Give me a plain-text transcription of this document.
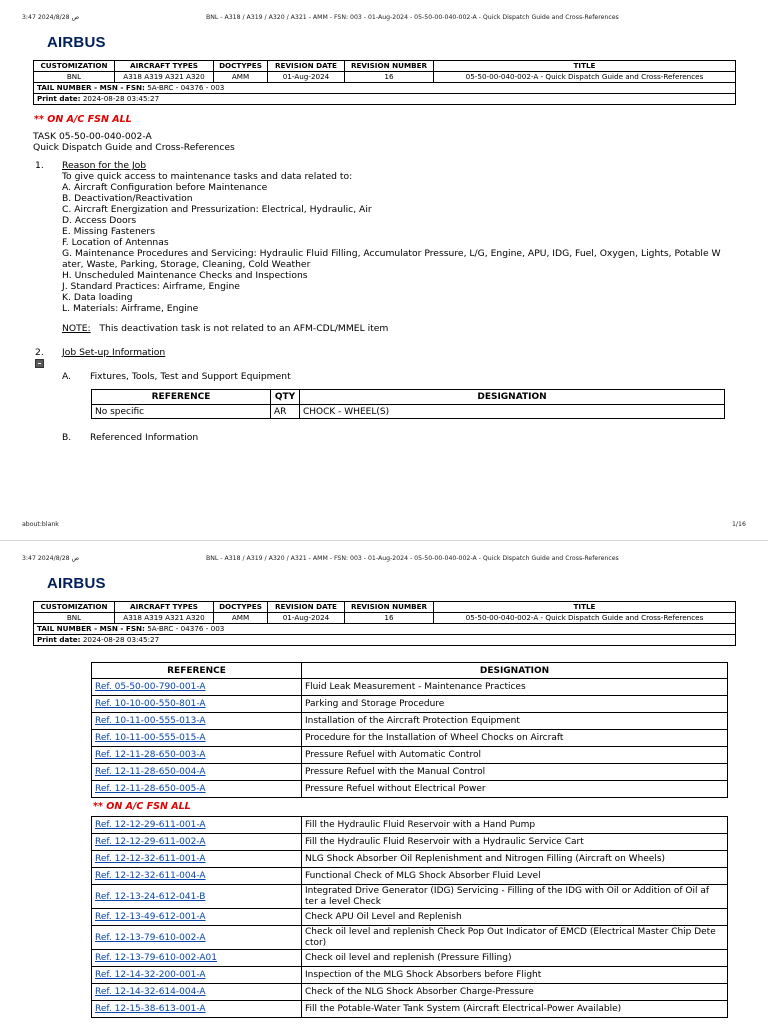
3:47 ص 2024/8/28	BNL - A318 / A319 / A320 / A321 - AMM - FSN: 003 - 01-Aug-2024 - 05-50-00-040-002-A - Quick Dispatch Guide and Cross-References
AIRBUS
CUSTOMIZATION	AIRCRAFT TYPES	DOCTYPES	REVISION DATE	REVISION NUMBER	TITLE
BNL	A318 A319 A321 A320	AMM	01-Aug-2024	16	05-50-00-040-002-A - Quick Dispatch Guide and Cross-References
TAIL NUMBER - MSN - FSN: 5A-BRC - 04376 - 003					
Print date: 2024-08-28 03:45:27					
** ON A/C FSN ALL
TASK 05-50-00-040-002-A
Quick Dispatch Guide and Cross-References
1. Reason for the Job
To give quick access to maintenance tasks and data related to:
A. Aircraft Configuration before Maintenance
B. Deactivation/Reactivation
C. Aircraft Energization and Pressurization: Electrical, Hydraulic, Air
D. Access Doors
E. Missing Fasteners
F. Location of Antennas
G. Maintenance Procedures and Servicing: Hydraulic Fluid Filling, Accumulator Pressure, L/G, Engine, APU, IDG, Fuel, Oxygen, Lights, Potable W
ater, Waste, Parking, Storage, Cleaning, Cold Weather
H. Unscheduled Maintenance Checks and Inspections
J. Standard Practices: Airframe, Engine
K. Data loading
L. Materials: Airframe, Engine
NOTE: This deactivation task is not related to an AFM-CDL/MMEL item
2. Job Set-up Information
A. Fixtures, Tools, Test and Support Equipment
REFERENCE	QTY	DESIGNATION
No specific	AR	CHOCK - WHEEL(S)
B. Referenced Information
about:blank	1/16
3:47 ص 2024/8/28	BNL - A318 / A319 / A320 / A321 - AMM - FSN: 003 - 01-Aug-2024 - 05-50-00-040-002-A - Quick Dispatch Guide and Cross-References
AIRBUS
CUSTOMIZATION	AIRCRAFT TYPES	DOCTYPES	REVISION DATE	REVISION NUMBER	TITLE
BNL	A318 A319 A321 A320	AMM	01-Aug-2024	16	05-50-00-040-002-A - Quick Dispatch Guide and Cross-References
TAIL NUMBER - MSN - FSN: 5A-BRC - 04376 - 003					
Print date: 2024-08-28 03:45:27					
REFERENCE	DESIGNATION
Ref. 05-50-00-790-001-A	Fluid Leak Measurement - Maintenance Practices

Ref. 10-10-00-550-801-A	Parking and Storage Procedure

Ref. 10-11-00-555-013-A	Installation of the Aircraft Protection Equipment

Ref. 10-11-00-555-015-A	Procedure for the Installation of Wheel Chocks on Aircraft

Ref. 12-11-28-650-003-A	Pressure Refuel with Automatic Control

Ref. 12-11-28-650-004-A	Pressure Refuel with the Manual Control

Ref. 12-11-28-650-005-A	Pressure Refuel without Electrical Power
** ON A/C FSN ALL
Ref. 12-12-29-611-001-A	Fill the Hydraulic Fluid Reservoir with a Hand Pump

Ref. 12-12-29-611-002-A	Fill the Hydraulic Fluid Reservoir with a Hydraulic Service Cart

Ref. 12-12-32-611-001-A	NLG Shock Absorber Oil Replenishment and Nitrogen Filling (Aircraft on Wheels)

Ref. 12-12-32-611-004-A	Functional Check of MLG Shock Absorber Fluid Level

Ref. 12-13-24-612-041-B	Integrated Drive Generator (IDG) Servicing - Filling of the IDG with Oil or Addition of Oil af
ter a level Check

Ref. 12-13-49-612-001-A	Check APU Oil Level and Replenish

Ref. 12-13-79-610-002-A	Check oil level and replenish Check Pop Out Indicator of EMCD (Electrical Master Chip Dete
ctor)

Ref. 12-13-79-610-002-A01	Check oil level and replenish (Pressure Filling)

Ref. 12-14-32-200-001-A	Inspection of the MLG Shock Absorbers before Flight

Ref. 12-14-32-614-004-A	Check of the NLG Shock Absorber Charge-Pressure

Ref. 12-15-38-613-001-A	Fill the Potable-Water Tank System (Aircraft Electrical-Power Available)
